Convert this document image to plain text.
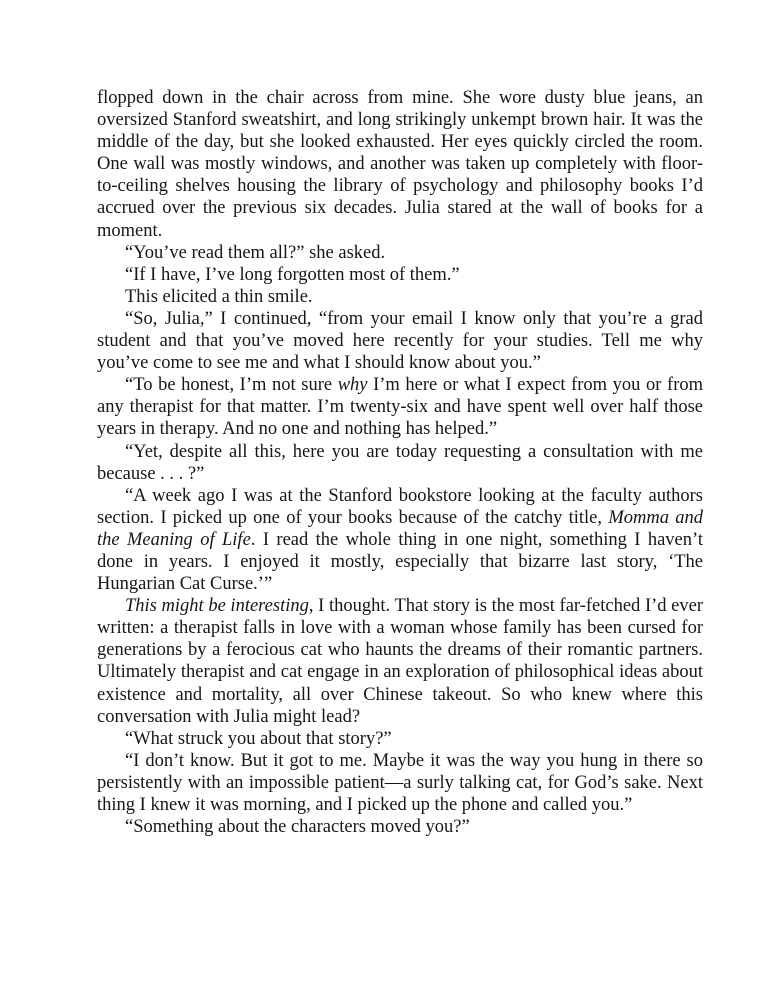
flopped down in the chair across from mine. She wore dusty blue jeans, an oversized Stanford sweatshirt, and long strikingly unkempt brown hair. It was the middle of the day, but she looked exhausted. Her eyes quickly circled the room. One wall was mostly windows, and another was taken up completely with floor-to-ceiling shelves housing the library of psychology and philosophy books I’d accrued over the previous six decades. Julia stared at the wall of books for a moment.

“You’ve read them all?” she asked.

“If I have, I’ve long forgotten most of them.”

This elicited a thin smile.

“So, Julia,” I continued, “from your email I know only that you’re a grad student and that you’ve moved here recently for your studies. Tell me why you’ve come to see me and what I should know about you.”

“To be honest, I’m not sure why I’m here or what I expect from you or from any therapist for that matter. I’m twenty-six and have spent well over half those years in therapy. And no one and nothing has helped.”

“Yet, despite all this, here you are today requesting a consultation with me because . . . ?”

“A week ago I was at the Stanford bookstore looking at the faculty authors section. I picked up one of your books because of the catchy title, Momma and the Meaning of Life. I read the whole thing in one night, something I haven’t done in years. I enjoyed it mostly, especially that bizarre last story, ‘The Hungarian Cat Curse.’”

This might be interesting, I thought. That story is the most far-fetched I’d ever written: a therapist falls in love with a woman whose family has been cursed for generations by a ferocious cat who haunts the dreams of their romantic partners. Ultimately therapist and cat engage in an exploration of philosophical ideas about existence and mortality, all over Chinese takeout. So who knew where this conversation with Julia might lead?

“What struck you about that story?”

“I don’t know. But it got to me. Maybe it was the way you hung in there so persistently with an impossible patient—a surly talking cat, for God’s sake. Next thing I knew it was morning, and I picked up the phone and called you.”

“Something about the characters moved you?”
